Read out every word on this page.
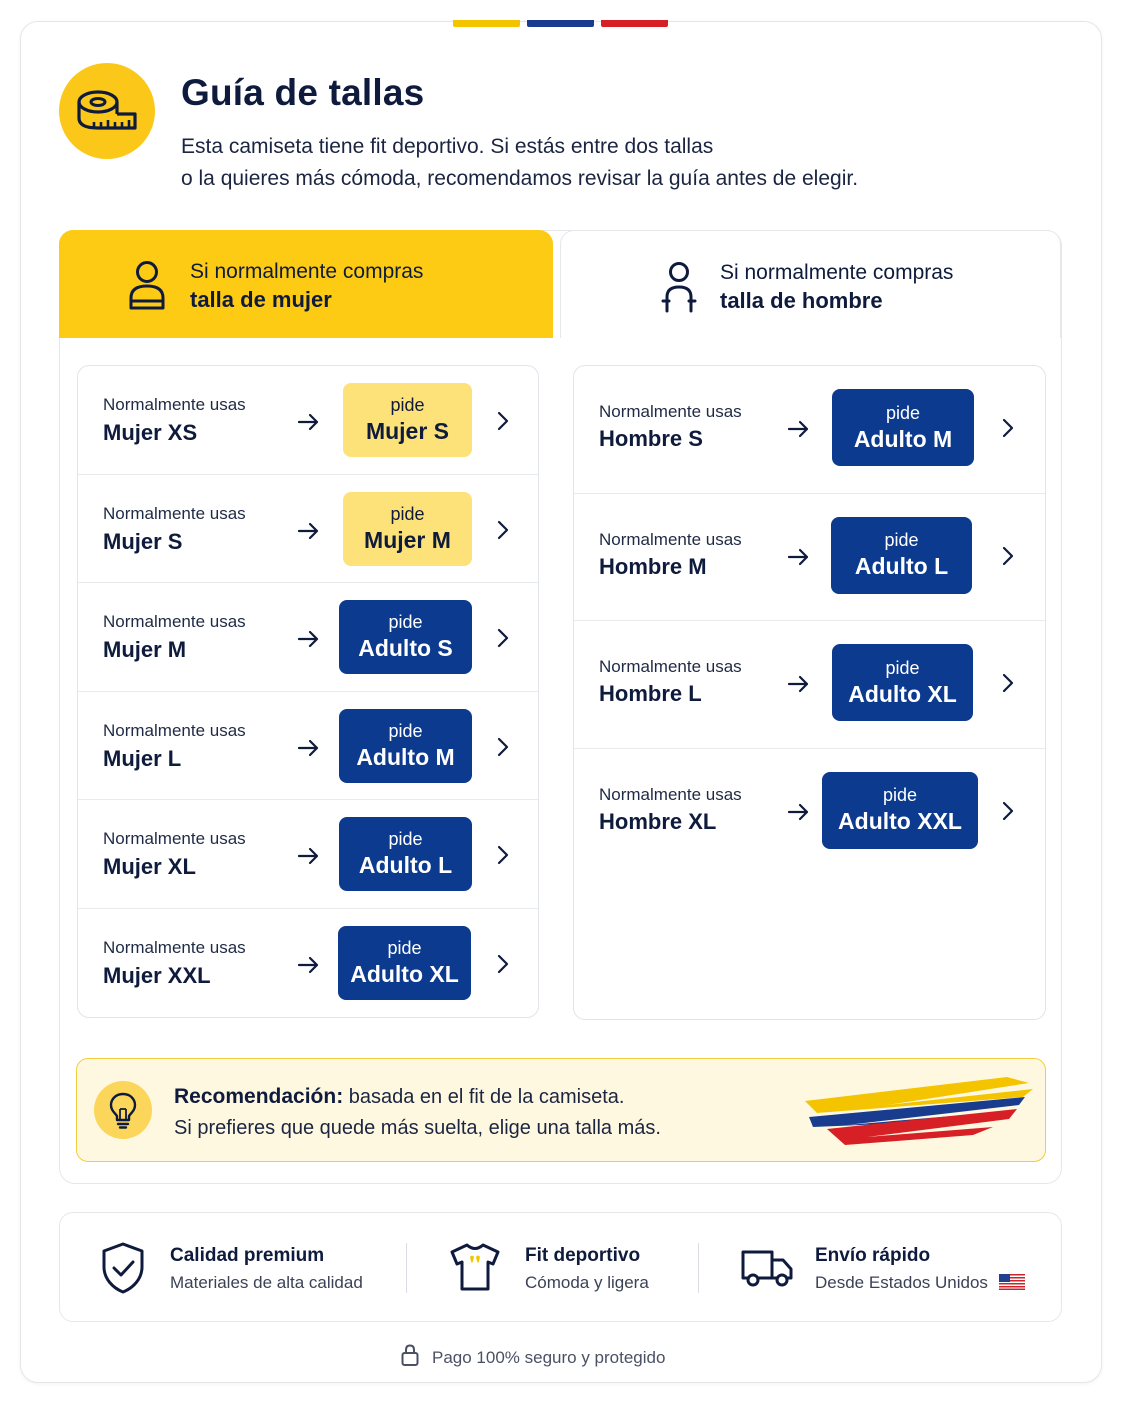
Guía de tallas
Esta camiseta tiene fit deportivo. Si estás entre dos tallas
o la quieres más cómoda, recomendamos revisar la guía antes de elegir.
Si normalmente compras
talla de mujer
Si normalmente compras
talla de hombre
Normalmente usas
Mujer XS
pide
Mujer S
Normalmente usas
Mujer S
pide
Mujer M
Normalmente usas
Mujer M
pide
Adulto S
Normalmente usas
Mujer L
pide
Adulto M
Normalmente usas
Mujer XL
pide
Adulto L
Normalmente usas
Mujer XXL
pide
Adulto XL
Normalmente usas
Hombre S
pide
Adulto M
Normalmente usas
Hombre M
pide
Adulto L
Normalmente usas
Hombre L
pide
Adulto XL
Normalmente usas
Hombre XL
pide
Adulto XXL
Recomendación: basada en el fit de la camiseta.
Si prefieres que quede más suelta, elige una talla más.
Calidad premium
Materiales de alta calidad
Fit deportivo
Cómoda y ligera
Envío rápido
Desde Estados Unidos
Pago 100% seguro y protegido
